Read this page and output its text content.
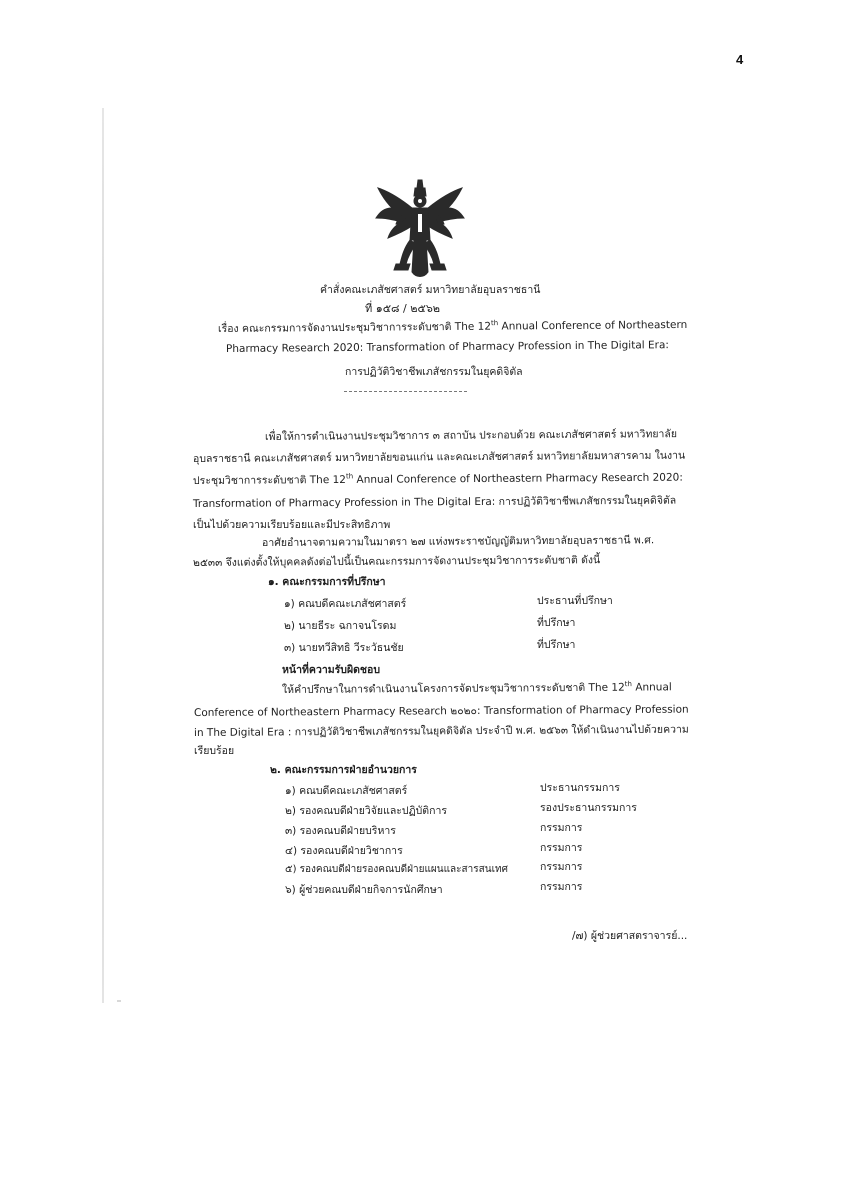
4
คำสั่งคณะเภสัชศาสตร์ มหาวิทยาลัยอุบลราชธานี
ที่ ๑๕๘ / ๒๕๖๒
เรื่อง คณะกรรมการจัดงานประชุมวิชาการระดับชาติ The 12th Annual Conference of Northeastern
Pharmacy Research 2020: Transformation of Pharmacy Profession in The Digital Era:
การปฏิวัติวิชาชีพเภสัชกรรมในยุคดิจิตัล
เพื่อให้การดำเนินงานประชุมวิชาการ ๓ สถาบัน ประกอบด้วย คณะเภสัชศาสตร์ มหาวิทยาลัย
อุบลราชธานี คณะเภสัชศาสตร์ มหาวิทยาลัยขอนแก่น และคณะเภสัชศาสตร์ มหาวิทยาลัยมหาสารคาม ในงาน
ประชุมวิชาการระดับชาติ The 12th Annual Conference of Northeastern Pharmacy Research 2020:
Transformation of Pharmacy Profession in The Digital Era: การปฏิวัติวิชาชีพเภสัชกรรมในยุคดิจิตัล
เป็นไปด้วยความเรียบร้อยและมีประสิทธิภาพ
อาศัยอำนาจตามความในมาตรา ๒๗ แห่งพระราชบัญญัติมหาวิทยาลัยอุบลราชธานี พ.ศ.
๒๕๓๓ จึงแต่งตั้งให้บุคคลดังต่อไปนี้เป็นคณะกรรมการจัดงานประชุมวิชาการระดับชาติ ดังนี้
๑. คณะกรรมการที่ปรึกษา
๑) คณบดีคณะเภสัชศาสตร์	ประธานที่ปรึกษา
๒) นายธีระ ฉกาจนโรดม	ที่ปรึกษา
๓) นายทวีสิทธิ วีระวัธนชัย	ที่ปรึกษา
หน้าที่ความรับผิดชอบ
ให้คำปรึกษาในการดำเนินงานโครงการจัดประชุมวิชาการระดับชาติ The 12th Annual
Conference of Northeastern Pharmacy Research ๒๐๒๐: Transformation of Pharmacy Profession
in The Digital Era : การปฏิวัติวิชาชีพเภสัชกรรมในยุคดิจิตัล ประจำปี พ.ศ. ๒๕๖๓ ให้ดำเนินงานไปด้วยความ
เรียบร้อย
๒. คณะกรรมการฝ่ายอำนวยการ
๑) คณบดีคณะเภสัชศาสตร์	ประธานกรรมการ
๒) รองคณบดีฝ่ายวิจัยและปฏิบัติการ	รองประธานกรรมการ
๓) รองคณบดีฝ่ายบริหาร	กรรมการ
๔) รองคณบดีฝ่ายวิชาการ	กรรมการ
๕) รองคณบดีฝ่ายรองคณบดีฝ่ายแผนและสารสนเทศ	กรรมการ
๖) ผู้ช่วยคณบดีฝ่ายกิจการนักศึกษา	กรรมการ
/๗) ผู้ช่วยศาสตราจารย์...
